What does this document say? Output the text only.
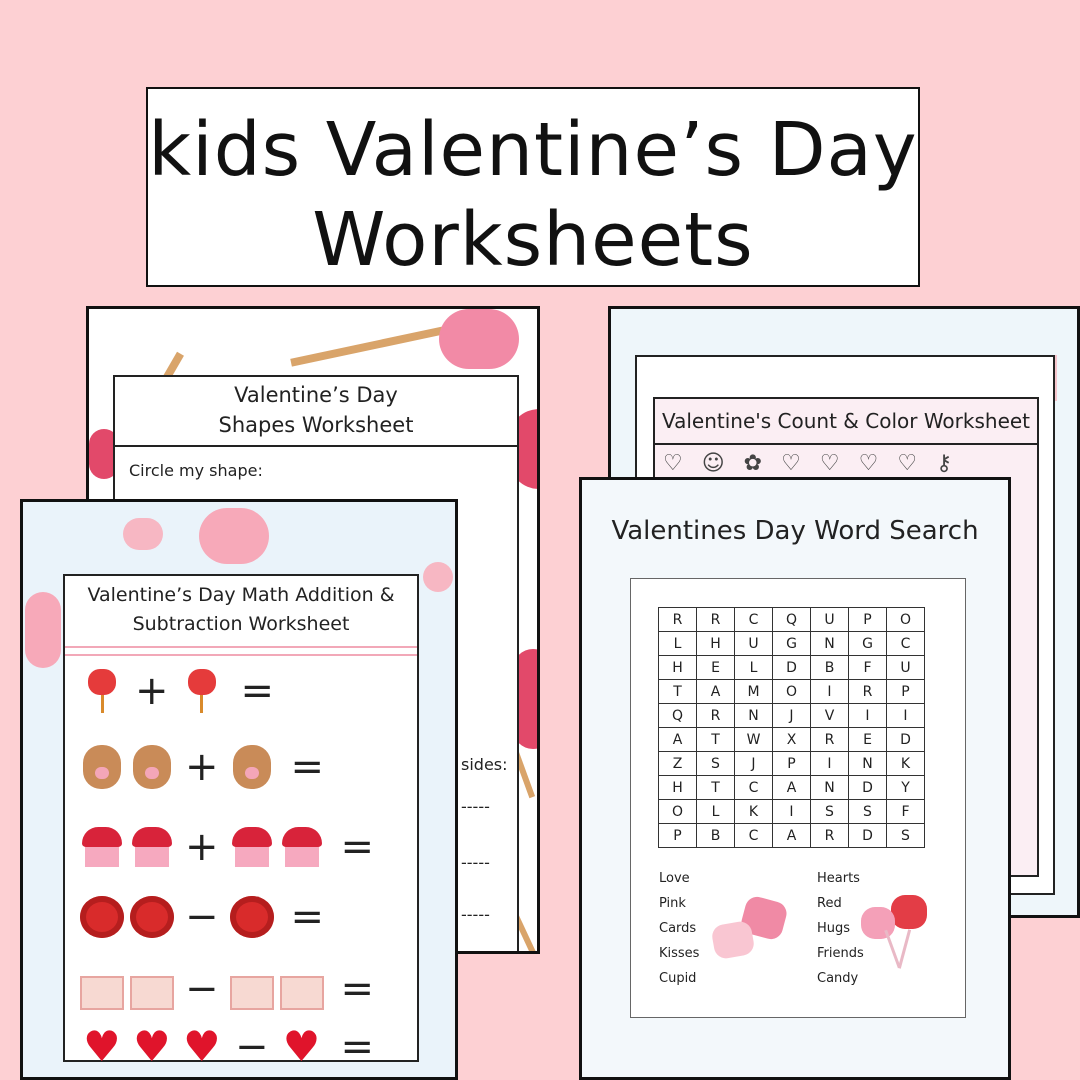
kids Valentine’s Day
Worksheets
Valentine’s Day
Shapes Worksheet
Circle my shape:
sides:
-----
-----
-----
Valentine's Count & Color Worksheet
♡ ☺ ✿ ♡ ♡ ♡ ♡ ⚷
Valentine’s Day Math Addition &
Subtraction Worksheet
+ =
+ =
+	=
− =
−	=
♥ ♥ ♥ − ♥ =
Valentines Day Word Search
R	R	C	Q	U	P	O
L	H	U	G	N	G	C
H	E	L	D	B	F	U
T	A	M	O	I	R	P
Q	R	N	J	V	I	I
A	T	W	X	R	E	D
Z	S	J	P	I	N	K
H	T	C	A	N	D	Y
O	L	K	I	S	S	F
P	B	C	A	R	D	S
Love
Pink
Cards
Kisses
Cupid
Hearts
Red
Hugs
Friends
Candy
